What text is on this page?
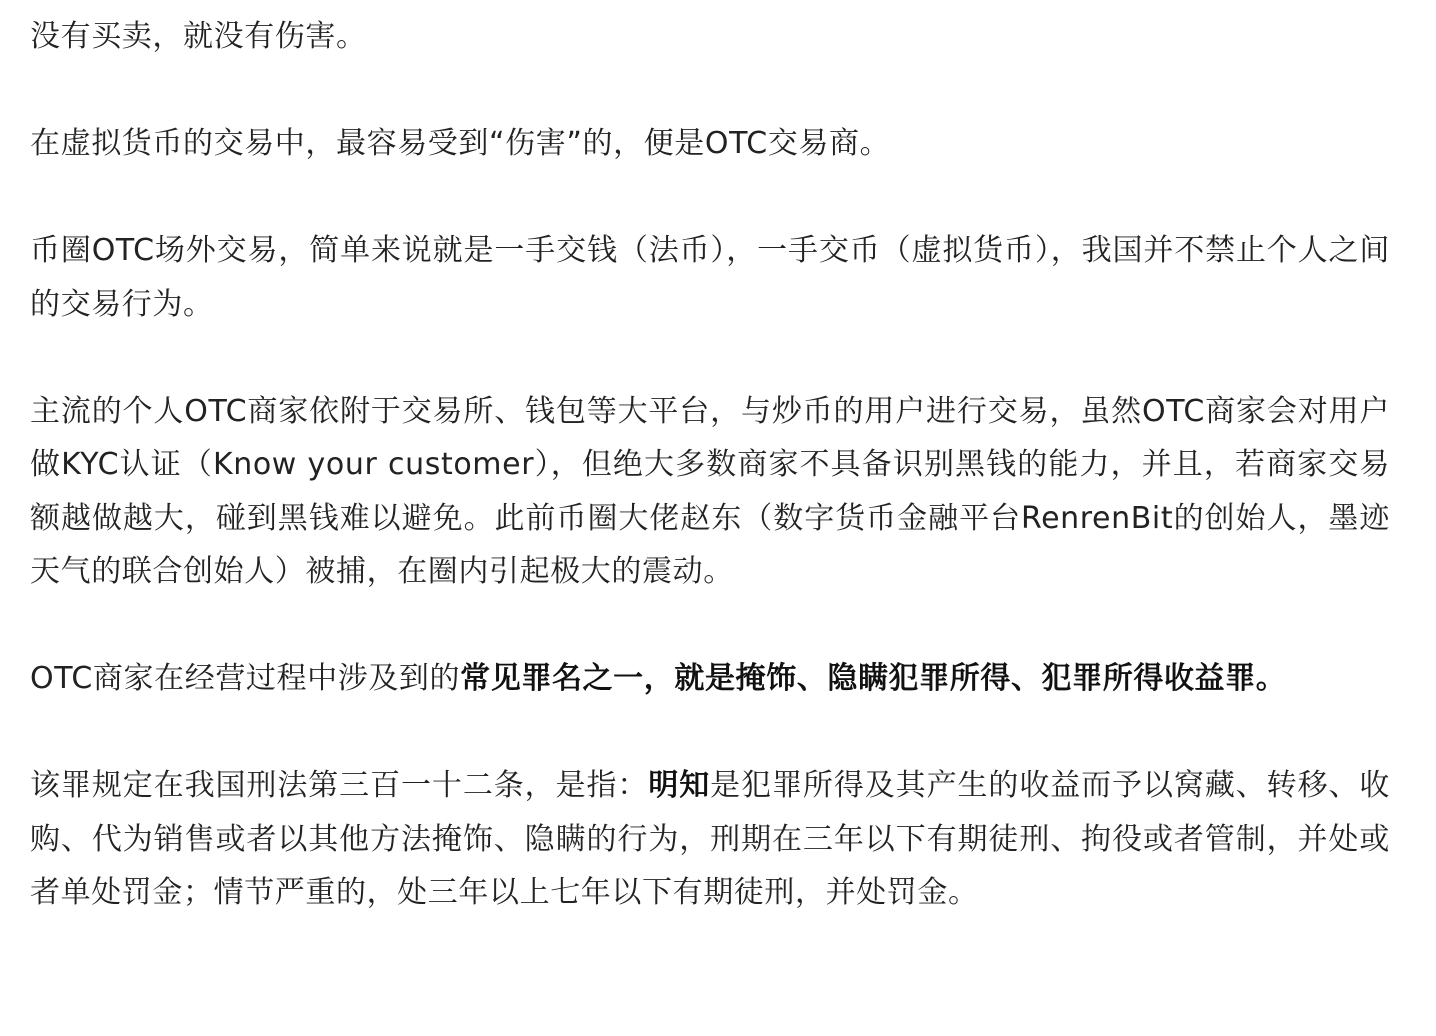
没有买卖，就没有伤害。

在虚拟货币的交易中，最容易受到“伤害”的，便是OTC交易商。

币圈OTC场外交易，简单来说就是一手交钱（法币），一手交币（虚拟货币），我国并不禁止个人之间的交易行为。

主流的个人OTC商家依附于交易所、钱包等大平台，与炒币的用户进行交易，虽然OTC商家会对用户做KYC认证（Know your customer），但绝大多数商家不具备识别黑钱的能力，并且，若商家交易额越做越大，碰到黑钱难以避免。此前币圈大佬赵东（数字货币金融平台RenrenBit的创始人，墨迹天气的联合创始人）被捕，在圈内引起极大的震动。

OTC商家在经营过程中涉及到的常见罪名之一，就是掩饰、隐瞒犯罪所得、犯罪所得收益罪。

该罪规定在我国刑法第三百一十二条，是指：明知是犯罪所得及其产生的收益而予以窝藏、转移、收购、代为销售或者以其他方法掩饰、隐瞒的行为，刑期在三年以下有期徒刑、拘役或者管制，并处或者单处罚金；情节严重的，处三年以上七年以下有期徒刑，并处罚金。
